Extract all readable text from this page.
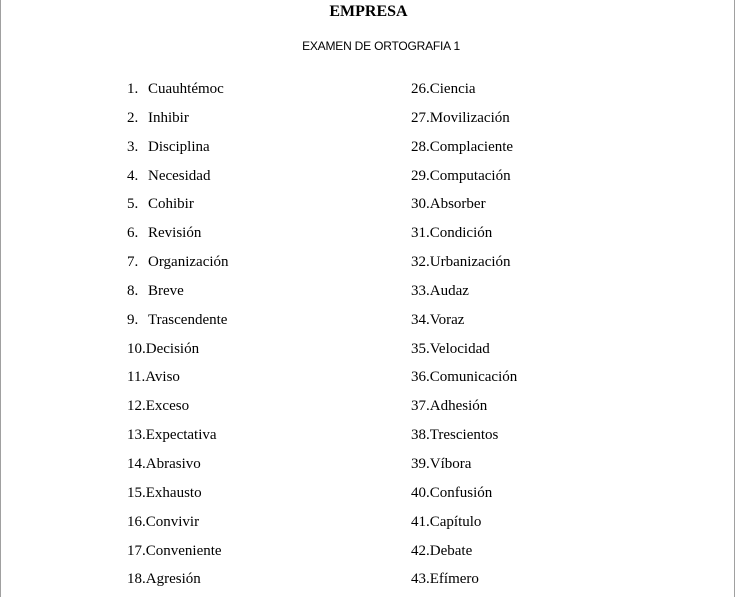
EMPRESA
EXAMEN DE ORTOGRAFIA 1
1. Cuauhtémoc
2. Inhibir
3. Disciplina
4. Necesidad
5. Cohibir
6. Revisión
7. Organización
8. Breve
9. Trascendente
10.Decisión
11.Aviso
12.Exceso
13.Expectativa
14.Abrasivo
15.Exhausto
16.Convivir
17.Conveniente
18.Agresión
26.Ciencia
27.Movilización
28.Complaciente
29.Computación
30.Absorber
31.Condición
32.Urbanización
33.Audaz
34.Voraz
35.Velocidad
36.Comunicación
37.Adhesión
38.Trescientos
39.Víbora
40.Confusión
41.Capítulo
42.Debate
43.Efímero
